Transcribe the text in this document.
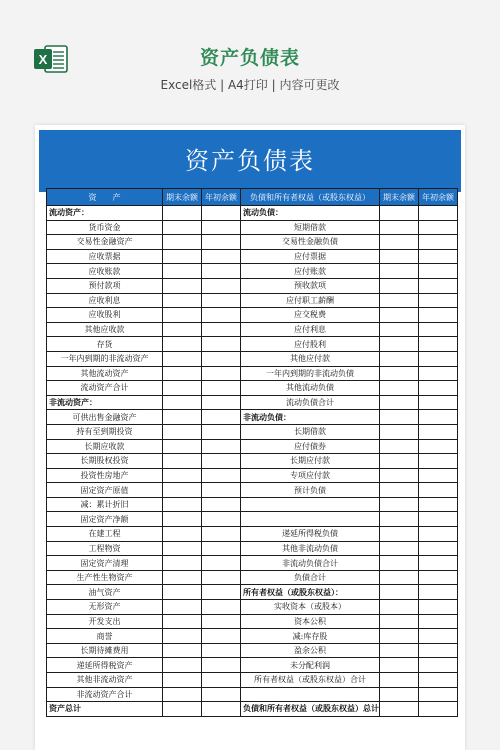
X	资产负债表
Excel格式 | A4打印 | 内容可更改
资产负债表
资　　产	期末余额	年初余额	负债和所有者权益（或股东权益）	期末余额	年初余额
流动资产：			流动负债：		
货币资金			短期借款		
交易性金融资产			交易性金融负债		
应收票据			应付票据		
应收账款			应付账款		
预付款项			预收款项		
应收利息			应付职工薪酬		
应收股利			应交税费		
其他应收款			应付利息		
存货			应付股利		
一年内到期的非流动资产			其他应付款		
其他流动资产			一年内到期的非流动负债		
流动资产合计			其他流动负债		
非流动资产：			流动负债合计		
可供出售金融资产			非流动负债：		
持有至到期投资			长期借款		
长期应收款			应付债券		
长期股权投资			长期应付款		
投资性房地产			专项应付款		
固定资产原值			预计负债		
减：累计折旧					
固定资产净额					
在建工程			递延所得税负债		
工程物资			其他非流动负债		
固定资产清理			非流动负债合计		
生产性生物资产			负债合计		
油气资产			所有者权益（或股东权益）：		
无形资产			实收资本（或股本）		
开发支出			资本公积		
商誉			减:库存股		
长期待摊费用			盈余公积		
递延所得税资产			未分配利润		
其他非流动资产			所有者权益（或股东权益）合计		
非流动资产合计					
资产总计			负债和所有者权益（或股东权益）总计		
